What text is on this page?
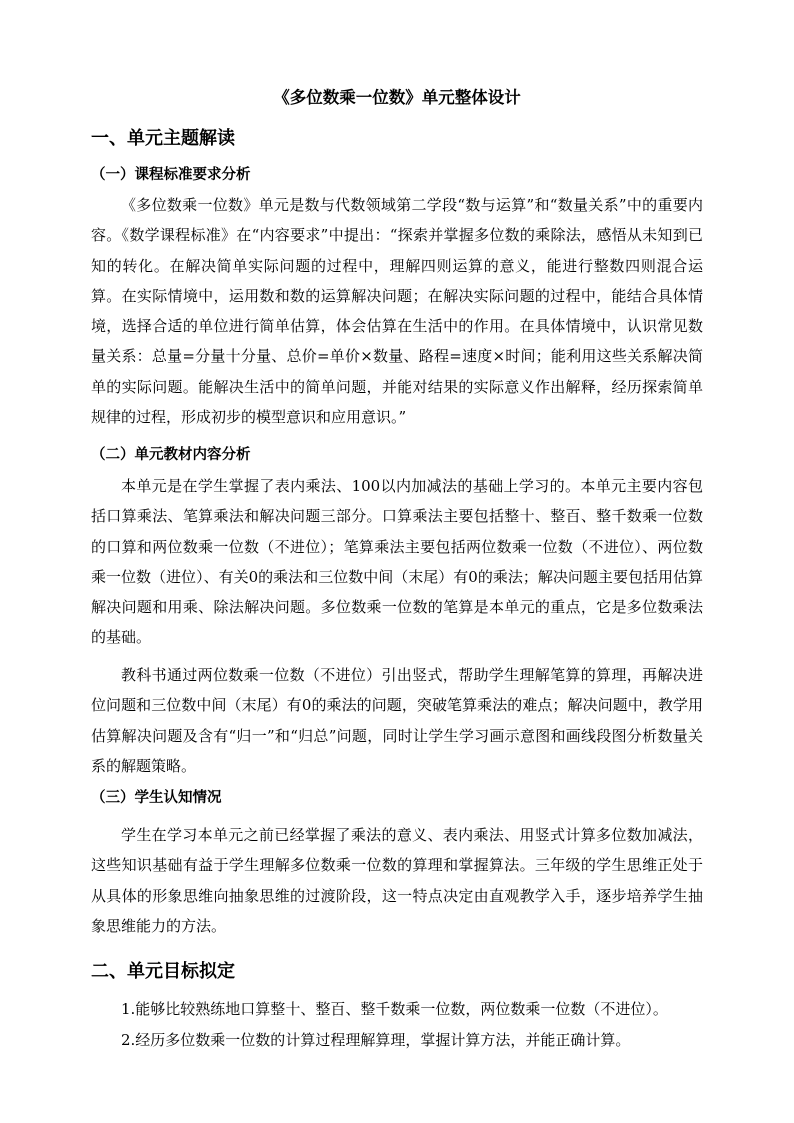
《多位数乘一位数》单元整体设计
一、单元主题解读
（一）课程标准要求分析

《多位数乘一位数》单元是数与代数领域第二学段“数与运算”和“数量关系”中的重要内容。《数学课程标准》在“内容要求”中提出：“探索并掌握多位数的乘除法，感悟从未知到已知的转化。在解决简单实际问题的过程中，理解四则运算的意义，能进行整数四则混合运算。在实际情境中，运用数和数的运算解决问题；在解决实际问题的过程中，能结合具体情境，选择合适的单位进行简单估算，体会估算在生活中的作用。在具体情境中，认识常见数量关系：总量=分量十分量、总价=单价×数量、路程=速度×时间；能利用这些关系解决简单的实际问题。能解决生活中的简单问题，并能对结果的实际意义作出解释，经历探索简单规律的过程，形成初步的模型意识和应用意识。”

（二）单元教材内容分析

本单元是在学生掌握了表内乘法、100以内加减法的基础上学习的。本单元主要内容包括口算乘法、笔算乘法和解决问题三部分。口算乘法主要包括整十、整百、整千数乘一位数的口算和两位数乘一位数（不进位）；笔算乘法主要包括两位数乘一位数（不进位）、两位数乘一位数（进位）、有关0的乘法和三位数中间（末尾）有0的乘法；解决问题主要包括用估算解决问题和用乘、除法解决问题。多位数乘一位数的笔算是本单元的重点，它是多位数乘法的基础。

教科书通过两位数乘一位数（不进位）引出竖式，帮助学生理解笔算的算理，再解决进位问题和三位数中间（末尾）有0的乘法的问题，突破笔算乘法的难点；解决问题中，教学用估算解决问题及含有“归一”和“归总”问题，同时让学生学习画示意图和画线段图分析数量关系的解题策略。

（三）学生认知情况

学生在学习本单元之前已经掌握了乘法的意义、表内乘法、用竖式计算多位数加减法，这些知识基础有益于学生理解多位数乘一位数的算理和掌握算法。三年级的学生思维正处于从具体的形象思维向抽象思维的过渡阶段，这一特点决定由直观教学入手，逐步培养学生抽象思维能力的方法。

二、单元目标拟定

1.能够比较熟练地口算整十、整百、整千数乘一位数，两位数乘一位数（不进位）。

2.经历多位数乘一位数的计算过程理解算理，掌握计算方法，并能正确计算。
